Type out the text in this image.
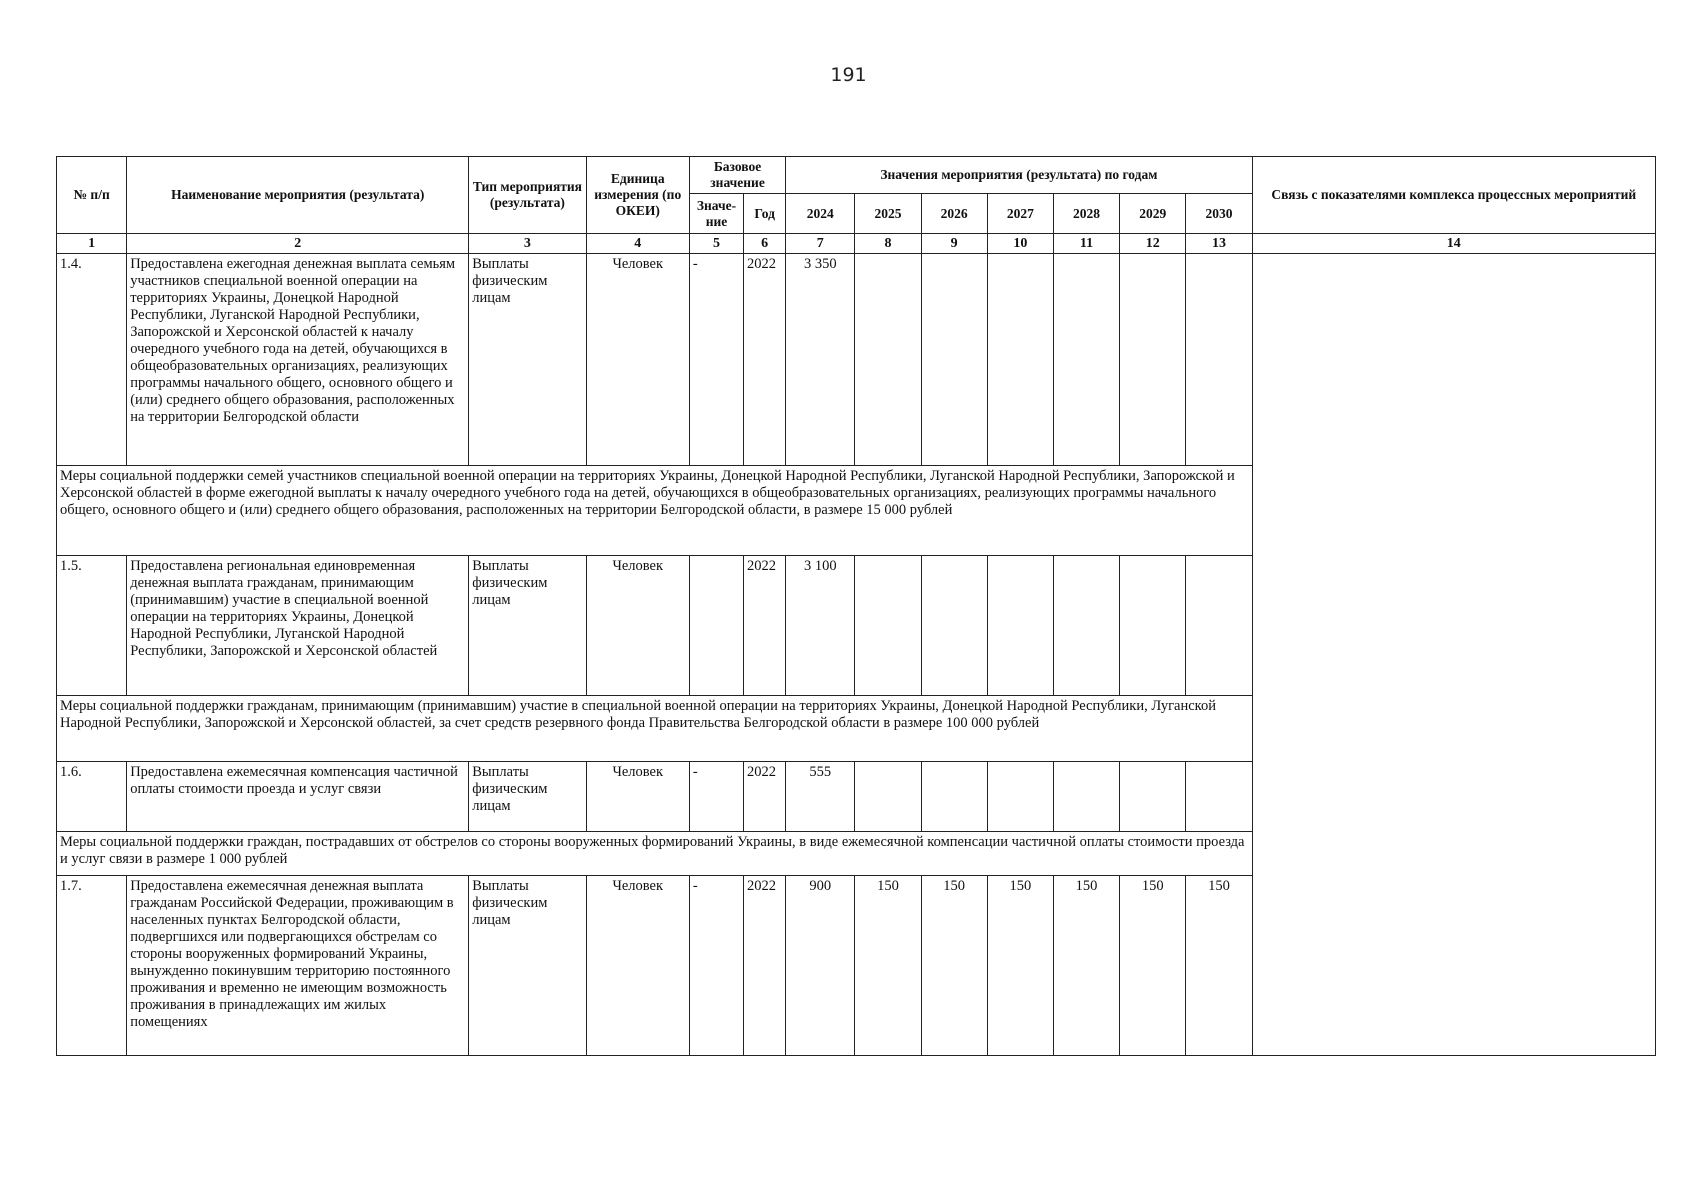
191
№ п/п	Наименование мероприятия (результата)	Тип мероприятия (результата)	Единица измерения (по ОКЕИ)	Базовое значение		Значения мероприятия (результата) по годам							Связь с показателями комплекса процессных мероприятий
				Значе-ние	Год	2024	2025	2026	2027	2028	2029	2030	
1	2	3	4	5	6	7	8	9	10	11	12	13	14
1.4.	Предоставлена ежегодная денежная выплата семьям участников специальной военной операции на территориях Украины, Донецкой Народной Республики, Луганской Народной Республики, Запорожской и Херсонской областей к началу очередного учебного года на детей, обучающихся в общеобразовательных организациях, реализующих программы начального общего, основного общего и (или) среднего общего образования, расположенных на территории Белгородской области	Выплаты физическим лицам	Человек	-	2022	3 350							
Меры социальной поддержки семей участников специальной военной операции на территориях Украины, Донецкой Народной Республики, Луганской Народной Республики, Запорожской и Херсонской областей в форме ежегодной выплаты к началу очередного учебного года на детей, обучающихся в общеобразовательных организациях, реализующих программы начального общего, основного общего и (или) среднего общего образования, расположенных на территории Белгородской области, в размере 15 000 рублей													
1.5.	Предоставлена региональная единовременная денежная выплата гражданам, принимающим (принимавшим) участие в специальной военной операции на территориях Украины, Донецкой Народной Республики, Луганской Народной Республики, Запорожской и Херсонской областей	Выплаты физическим лицам	Человек		2022	3 100							
Меры социальной поддержки гражданам, принимающим (принимавшим) участие в специальной военной операции на территориях Украины, Донецкой Народной Республики, Луганской Народной Республики, Запорожской и Херсонской областей, за счет средств резервного фонда Правительства Белгородской области в размере 100 000 рублей													
1.6.	Предоставлена ежемесячная компенсация частичной оплаты стоимости проезда и услуг связи	Выплаты физическим лицам	Человек	-	2022	555							
Меры социальной поддержки граждан, пострадавших от обстрелов со стороны вооруженных формирований Украины, в виде ежемесячной компенсации частичной оплаты стоимости проезда и услуг связи в размере 1 000 рублей													
1.7.	Предоставлена ежемесячная денежная выплата гражданам Российской Федерации, проживающим в населенных пунктах Белгородской области, подвергшихся или подвергающихся обстрелам со стороны вооруженных формирований Украины, вынужденно покинувшим территорию постоянного проживания и временно не имеющим возможность проживания в принадлежащих им жилых помещениях	Выплаты физическим лицам	Человек	-	2022	900	150	150	150	150	150	150	
